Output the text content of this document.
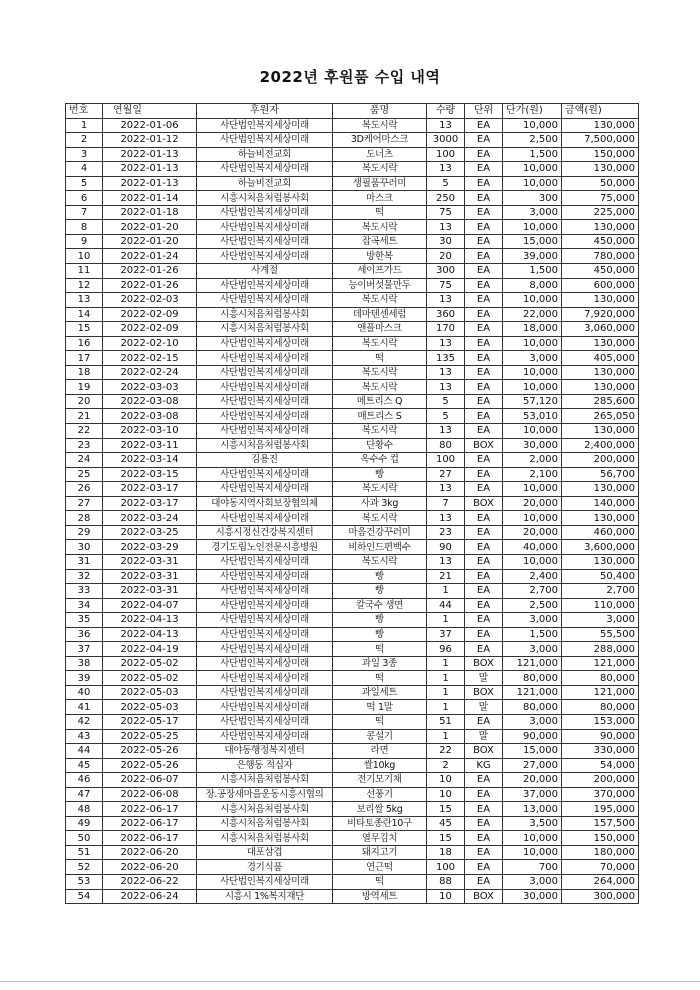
2022년 후원품 수입 내역
번호	연월일	후원자	품명	수량	단위	단가(원)	금액(원)
1	2022-01-06	사단법인복지세상미래	복도시락	13	EA	10,000	130,000
2	2022-01-12	사단법인복지세상미래	3D케어마스크	3000	EA	2,500	7,500,000
3	2022-01-13	하늘비전교회	도너츠	100	EA	1,500	150,000
4	2022-01-13	사단법인복지세상미래	복도시락	13	EA	10,000	130,000
5	2022-01-13	하늘비전교회	생필품꾸러미	5	EA	10,000	50,000
6	2022-01-14	시흥시처음처럼봉사회	마스크	250	EA	300	75,000
7	2022-01-18	사단법인복지세상미래	떡	75	EA	3,000	225,000
8	2022-01-20	사단법인복지세상미래	복도시락	13	EA	10,000	130,000
9	2022-01-20	사단법인복지세상미래	잡곡세트	30	EA	15,000	450,000
10	2022-01-24	사단법인복지세상미래	방한복	20	EA	39,000	780,000
11	2022-01-26	사계절	세이프가드	300	EA	1,500	450,000
12	2022-01-26	사단법인복지세상미래	능이버섯물만두	75	EA	8,000	600,000
13	2022-02-03	사단법인복지세상미래	복도시락	13	EA	10,000	130,000
14	2022-02-09	시흥시처음처럼봉사회	데마텐센세럼	360	EA	22,000	7,920,000
15	2022-02-09	시흥시처음처럼봉사회	앤플마스크	170	EA	18,000	3,060,000
16	2022-02-10	사단법인복지세상미래	복도시락	13	EA	10,000	130,000
17	2022-02-15	사단법인복지세상미래	떡	135	EA	3,000	405,000
18	2022-02-24	사단법인복지세상미래	복도시락	13	EA	10,000	130,000
19	2022-03-03	사단법인복지세상미래	복도시락	13	EA	10,000	130,000
20	2022-03-08	사단법인복지세상미래	메트리스 Q	5	EA	57,120	285,600
21	2022-03-08	사단법인복지세상미래	매트리스 S	5	EA	53,010	265,050
22	2022-03-10	사단법인복지세상미래	복도시락	13	EA	10,000	130,000
23	2022-03-11	시흥시처음처럼봉사회	단황수	80	BOX	30,000	2,400,000
24	2022-03-14	김용진	옥수수 컵	100	EA	2,000	200,000
25	2022-03-15	사단법인복지세상미래	빵	27	EA	2,100	56,700
26	2022-03-17	사단법인복지세상미래	복도시락	13	EA	10,000	130,000
27	2022-03-17	대야동지역사회보장협의체	사과 3kg	7	BOX	20,000	140,000
28	2022-03-24	사단법인복지세상미래	복도시락	13	EA	10,000	130,000
29	2022-03-25	시흥시정신건강복지센터	마음건강꾸러미	23	EA	20,000	460,000
30	2022-03-29	경기도립노인전문시흥병원	비하인드편백수	90	EA	40,000	3,600,000
31	2022-03-31	사단법인복지세상미래	복도시락	13	EA	10,000	130,000
32	2022-03-31	사단법인복지세상미래	빵	21	EA	2,400	50,400
33	2022-03-31	사단법인복지세상미래	빵	1	EA	2,700	2,700
34	2022-04-07	사단법인복지세상미래	칼국수 생면	44	EA	2,500	110,000
35	2022-04-13	사단법인복지세상미래	빵	1	EA	3,000	3,000
36	2022-04-13	사단법인복지세상미래	빵	37	EA	1,500	55,500
37	2022-04-19	사단법인복지세상미래	떡	96	EA	3,000	288,000
38	2022-05-02	사단법인복지세상미래	과일 3종	1	BOX	121,000	121,000
39	2022-05-02	사단법인복지세상미래	떡	1	말	80,000	80,000
40	2022-05-03	사단법인복지세상미래	과일세트	1	BOX	121,000	121,000
41	2022-05-03	사단법인복지세상미래	떡 1말	1	말	80,000	80,000
42	2022-05-17	사단법인복지세상미래	떡	51	EA	3,000	153,000
43	2022-05-25	사단법인복지세상미래	콩설기	1	말	90,000	90,000
44	2022-05-26	대야동행정복지센터	라면	22	BOX	15,000	330,000
45	2022-05-26	은행동 적십자	쌀10kg	2	KG	27,000	54,000
46	2022-06-07	시흥시처음처럼봉사회	전기모기채	10	EA	20,000	200,000
47	2022-06-08	장.공장새마을운동시흥시협의	선풍기	10	EA	37,000	370,000
48	2022-06-17	시흥시처음처럼봉사회	보리쌀 5kg	15	EA	13,000	195,000
49	2022-06-17	시흥시처음처럼봉사회	비타토종란10구	45	EA	3,500	157,500
50	2022-06-17	시흥시처음처럼봉사회	열무김치	15	EA	10,000	150,000
51	2022-06-20	대포삼겹	돼지고기	18	EA	10,000	180,000
52	2022-06-20	경기식품	연근떡	100	EA	700	70,000
53	2022-06-22	사단법인복지세상미래	떡	88	EA	3,000	264,000
54	2022-06-24	시흥시 1%복지재단	방역세트	10	BOX	30,000	300,000
